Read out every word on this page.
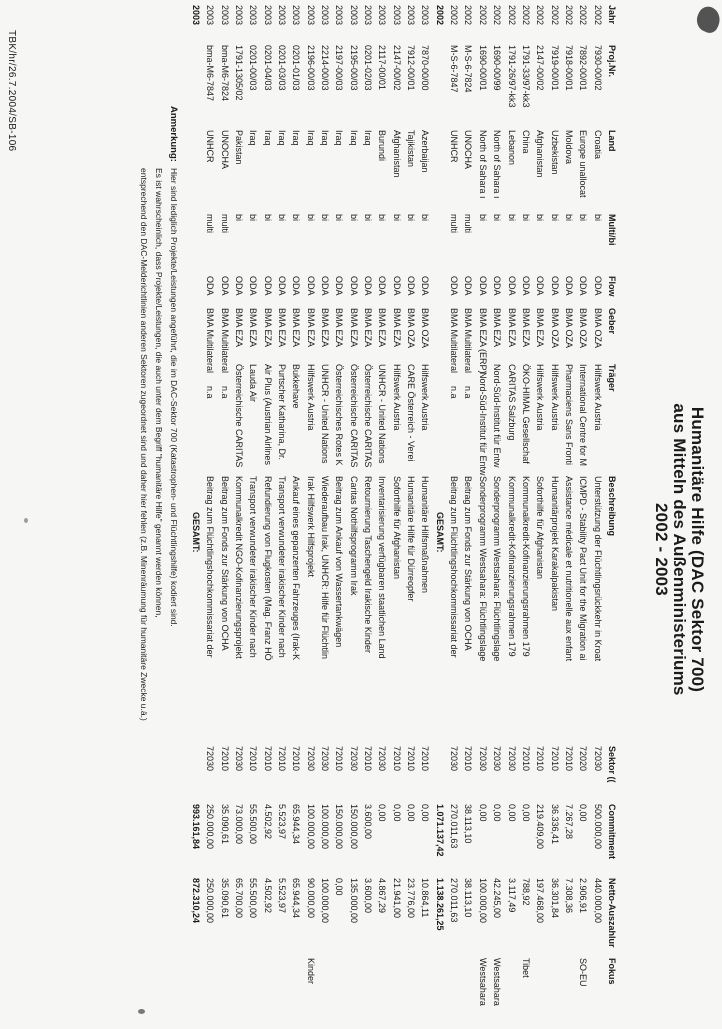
Humanitäre Hilfe (DAC Sektor 700)
aus Mitteln des Außenministeriums
2002 - 2003
Jahr	Proj.Nr.	Land	Multi/bi	Flow	Geber	Träger	Beschreibung	Sektor ((	Commitment	Netto-Auszahlur	Fokus
2002	7930-00/02	Croatia	bi	ODA	BMA OZA	Hilfswerk Austria	Unterstützung der Flüchtlingsrückkehr in Kroat	72030	500.000,00	440.000,00	
2002	7892-00/01	Europe unallocat	bi	ODA	BMA OZA	International Centre for M	ICMPD - Stability Pact Unit for the Migration ai	72020	0,00	2.906,91	SO-EU
2002	7918-00/01	Moldova	bi	ODA	BMA OZA	Pharmaciens Sans Fronti	Assistance médicale et nutritionelle aux enfant	72010	7.267,28	7.308,36	
2002	7919-00/01	Uzbekistan	bi	ODA	BMA OZA	Hilfswerk Austria	Humanitärprojekt Karakalpakistan	72010	36.336,41	36.301,84	
2002	2147-00/02	Afghanistan	bi	ODA	BMA EZA	Hilfswerk Austria	Soforthilfe für Afghanistan	72010	219.409,00	197.468,00	
2002	1791-33/97-kk3	China	bi	ODA	BMA EZA	ÖKO-HIMAL Gesellschaf	Kommunalkredit-Kofinanzierungsrahmen 179	72010	0,00	788,92	Tibet
2002	1791-26/97-kk3	Lebanon	bi	ODA	BMA EZA	CARITAS Salzburg	Kommunalkredit-Kofinanzierungsrahmen 179	72030	0,00	3.117,49	
2002	1690-00/99	North of Sahara ı	bi	ODA	BMA EZA	Nord-Süd-Institut für Entw	Sonderprogramm Westsahara: Flüchtlingslage	72030	0,00	42.245,00	Westsahara
2002	1690-00/01	North of Sahara ı	bi	ODA	BMA EZA (ERP)	Nord-Süd-Institut für Entw	Sonderprogramm Westsahara: Flüchtlingslage	72030	0,00	100.000,00	Westsahara
2002	M-S-6-7824	UNOCHA	multi	ODA	BMA Multilateral	n.a	Beitrag zum Fonds zur Stärkung von OCHA	72010	38.113,10	38.113,10	
2002	M-S-6-7847	UNHCR	multi	ODA	BMA Multilateral	n.a	Beitrag zum Flüchtlingshochkommissariat der	72030	270.011,63	270.011,63	
2002							GESAMT:		1.071.137,42	1.138.261,25	
2003	7870-00/00	Azerbaijan	bi	ODA	BMA OZA	Hilfswerk Austria	Humanitäre Hilfsmaßnahmen	72010	0,00	10.864,11	
2003	7912-00/01	Tajikistan	bi	ODA	BMA OZA	CARE Österreich - Verei	Humanitäre Hilfe für Dürreopfer	72010	0,00	23.776,00	
2003	2147-00/02	Afghanistan	bi	ODA	BMA EZA	Hilfswerk Austria	Soforthilfe für Afghanistan	72010	0,00	21.941,00	
2003	2117-00/01	Burundi	bi	ODA	BMA EZA	UNHCR - United Nations	Inventarisierung verfügbaren staatlichen Land	72030	0,00	4.867,29	
2003	0201-02/03	Iraq	bi	ODA	BMA EZA	Österreichische CARITAS	Retournierung Taschengeld Irakische Kinder	72010	3.600,00	3.600,00	
2003	2195-00/03	Iraq	bi	ODA	BMA EZA	Österreichische CARITAS	Caritas Nothilfsprogramm Irak	72030	150.000,00	135.000,00	
2003	2197-00/03	Iraq	bi	ODA	BMA EZA	Österreichisches Rotes K	Beitrag zum Ankauf von Wassertankwägen	72010	150.000,00	0,00	
2003	2214-00/03	Iraq	bi	ODA	BMA EZA	UNHCR - United Nations	Wiederaufbau Irak, UNHCR: Hilfe für Flüchtlin	72030	100.000,00	100.000,00	
2003	2196-00/03	Iraq	bi	ODA	BMA EZA	Hilfswerk Austria	Irak Hilfswerk Hilfsprojekt	72030	100.000,00	90.000,00	Kinder
2003	0201-01/03	Iraq	bi	ODA	BMA EZA	Bukkehave	Ankauf eines gepanzerten Fahrzeuges (Irak-K	72010	65.944,34	65.944,34	
2003	0201-03/03	Iraq	bi	ODA	BMA EZA	Purtscher Katharina, Dr.	Transport verwundeter irakischer Kinder nach	72010	5.523,97	5.523,97	
2003	0201-04/03	Iraq	bi	ODA	BMA EZA	Air Plus (Austrian Airlines	Refundierung von Flugkosten (Mag. Franz HÖ	72010	4.502,92	4.502,92	
2003	0201-00/03	Iraq	bi	ODA	BMA EZA	Lauda Air	Transport verwundeter irakischer Kinder nach	72010	55.500,00	55.500,00	
2003	1791-1305/02	Pakistan	bi	ODA	BMA EZA	Österreichische CARITAS	Kommunalkredit NGO-Kofinanzierungsprojekt	72030	73.000,00	65.700,00	
2003	bma-M6-7824	UNOCHA	multi	ODA	BMA Multilateral	n.a	Beitrag zum Fonds zur Stärkung von OCHA	72010	35.090,61	35.090,61	
2003	bma-M6-7847	UNHCR	multi	ODA	BMA Multilateral	n.a	Beitrag zum Flüchtlingshochkommissariat der	72030	250.000,00	250.000,00	
2003							GESAMT:		993.161,84	872.310,24	
Anmerkung:
Hier sind lediglich Projekte/Leistungen angeführt, die im DAC-Sektor 700 (Katastrophen- und Flüchtlingshilfe) kodiert sind.
Es ist wahrscheinlich, dass Projekte/Leistungen, die auch unter dem Begriff "humanitäre Hilfe" genannt werden können,
entsprechend den DAC-Melderichtlinien anderen Sektoren zugeordnet sind und daher hier fehlen (z.B. Minenräumung für humanitäre Zwecke u.ä.)
TBK/hr/26.7.2004/SB-106
